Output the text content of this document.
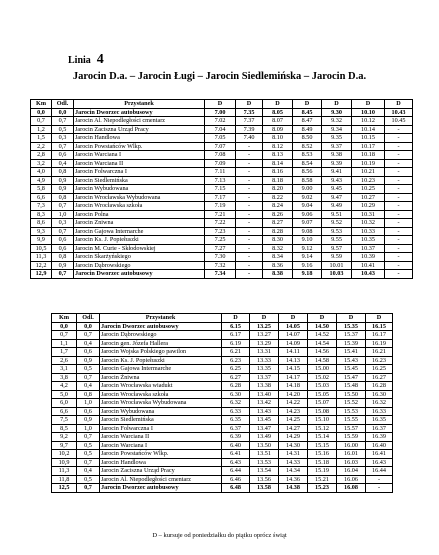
Linia 4
Jarocin D.a. – Jarocin Ługi – Jarocin Siedlemińska – Jarocin D.a.
Km	Odl.	Przystanek	D	D	D	D	D	D	D
0,0	0,0	Jarocin Dworzec autobusowy	7.00	7.35	8.05	8.45	9.30	10.10	10.43
0,7	0,7	Jarocin Al. Niepodległości cmentarz	7.02	7.37	8.07	8.47	9.32	10.12	10.45
1,2	0,5	Jarocin Zaciszna Urząd Pracy	7.04	7.39	8.09	8.49	9.34	10.14	-
1,5	0,3	Jarocin Handlowa	7.05	7.40	8.10	8.50	9.35	10.15	-
2,2	0,7	Jarocin Powstańców Wlkp.	7.07	-	8.12	8.52	9.37	10.17	-
2,8	0,6	Jarocin Warciana I	7.08	-	8.13	8.53	9.38	10.18	-
3,2	0,4	Jarocin Warciana II	7.09	-	8.14	8.54	9.39	10.19	-
4,0	0,8	Jarocin Folwarczna I	7.11	-	8.16	8.56	9.41	10.21	-
4,9	0,9	Jarocin Siedlemińska	7.13	-	8.18	8.58	9.43	10.23	-
5,8	0,9	Jarocin Wybudowana	7.15	-	8.20	9.00	9.45	10.25	-
6,6	0,8	Jarocin Wrocławska Wybudowana	7.17	-	8.22	9.02	9.47	10.27	-
7,3	0,7	Jarocin Wrocławska szkoła	7.19	-	8.24	9.04	9.49	10.29	-
8,3	1,0	Jarocin Polna	7.21	-	8.26	9.06	9.51	10.31	-
8,6	0,3	Jarocin Zniwna	7.22	-	8.27	9.07	9.52	10.32	-
9,3	0,7	Jarocin Gajowa Internarche	7.23	-	8.28	9.08	9.53	10.33	-
9,9	0,6	Jarocin Ks. J. Popiełuszki	7.25	-	8.30	9.10	9.55	10.35	-
10,5	0,6	Jarocin M. Curie - Skłodowskiej	7.27	-	8.32	9.12	9.57	10.37	-
11,3	0,8	Jarocin Skarżyńskiego	7.30	-	8.34	9.14	9.59	10.39	-
12,2	0,9	Jarocin Dąbrowskiego	7.32	-	8.36	9.16	10.01	10.41	-
12,9	0,7	Jarocin Dworzec autobusowy	7.34	-	8.38	9.18	10.03	10.43	-
Km	Odl.	Przystanek	D	D	D	D	D	D
0,0	0,0	Jarocin Dworzec autobusowy	6.15	13.25	14.05	14.50	15.35	16.15
0,7	0,7	Jarocin Dąbrowskiego	6.17	13.27	14.07	14.52	15.37	16.17
1,1	0,4	Jarocin gen. Józefa Hallera	6.19	13.29	14.09	14.54	15.39	16.19
1,7	0,6	Jarocin Wojska Polskiego pawilon	6.21	13.31	14.11	14.56	15.41	16.21
2,6	0,9	Jarocin Ks. J. Popiełuszki	6.23	13.33	14.13	14.58	15.43	16.23
3,1	0,5	Jarocin Gajowa Intermarche	6.25	13.35	14.15	15.00	15.45	16.25
3,8	0,7	Jarocin Żniwna	6.27	13.37	14.17	15.02	15.47	16.27
4,2	0,4	Jarocin Wrocławska wiadukt	6.28	13.38	14.18	15.03	15.48	16.28
5,0	0,8	Jarocin Wrocławska szkoła	6.30	13.40	14.20	15.05	15.50	16.30
6,0	1,0	Jarocin Wrocławska Wybudowana	6.32	13.42	14.22	15.07	15.52	16.32
6,6	0,6	Jarocin Wybudowana	6.33	13.43	14.23	15.08	15.53	16.33
7,5	0,9	Jarocin Siedlemińska	6.35	13.45	14.25	15.10	15.55	16.35
8,5	1,0	Jarocin Folwarczna I	6.37	13.47	14.27	15.12	15.57	16.37
9,2	0,7	Jarocin Warciana II	6.39	13.49	14.29	15.14	15.59	16.39
9,7	0,5	Jarocin Warciana I	6.40	13.50	14.30	15.15	16.00	16.40
10,2	0,5	Jarocin Powstańców Wlkp.	6.41	13.51	14.31	15.16	16.01	16.41
10,9	0,7	Jarocin Handlowa	6.43	13.53	14.33	15.18	16.03	16.43
11,3	0,4	Jarocin Zaciszna Urząd Pracy	6.44	13.54	14.34	15.19	16.04	16.44
11,8	0,5	Jarocin Al. Niepodległości cmentarz	6.46	13.56	14.36	15.21	16.06	-
12,5	0,7	Jarocin Dworzec autobusowy	6.48	13.58	14.38	15.23	16.08	-
D – kursuje od poniedziałku do piątku oprócz świąt
